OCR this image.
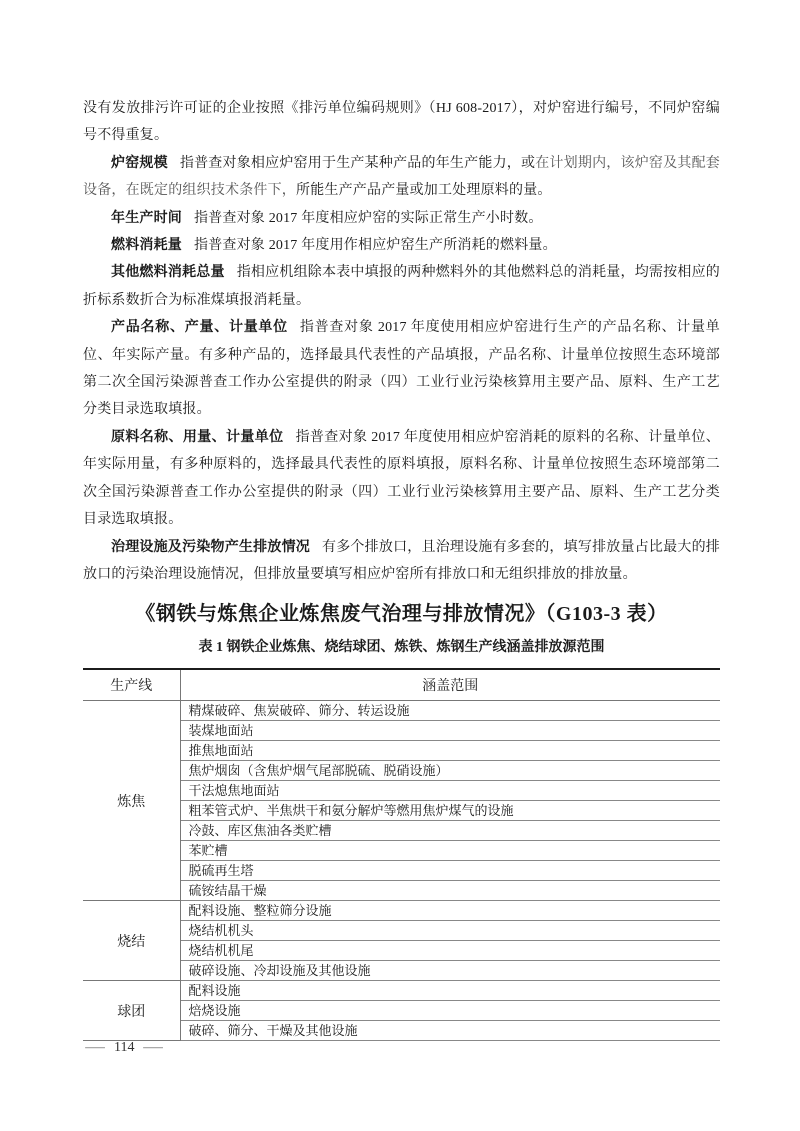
没有发放排污许可证的企业按照《排污单位编码规则》（HJ 608-2017），对炉窑进行编号，不同炉窑编号不得重复。

炉窑规模 指普查对象相应炉窑用于生产某种产品的年生产能力，或在计划期内，该炉窑及其配套设备，在既定的组织技术条件下，所能生产产品产量或加工处理原料的量。

年生产时间 指普查对象 2017 年度相应炉窑的实际正常生产小时数。

燃料消耗量 指普查对象 2017 年度用作相应炉窑生产所消耗的燃料量。

其他燃料消耗总量 指相应机组除本表中填报的两种燃料外的其他燃料总的消耗量，均需按相应的折标系数折合为标准煤填报消耗量。

产品名称、产量、计量单位 指普查对象 2017 年度使用相应炉窑进行生产的产品名称、计量单位、年实际产量。有多种产品的，选择最具代表性的产品填报，产品名称、计量单位按照生态环境部第二次全国污染源普查工作办公室提供的附录（四）工业行业污染核算用主要产品、原料、生产工艺分类目录选取填报。

原料名称、用量、计量单位 指普查对象 2017 年度使用相应炉窑消耗的原料的名称、计量单位、年实际用量，有多种原料的，选择最具代表性的原料填报，原料名称、计量单位按照生态环境部第二次全国污染源普查工作办公室提供的附录（四）工业行业污染核算用主要产品、原料、生产工艺分类目录选取填报。

治理设施及污染物产生排放情况 有多个排放口，且治理设施有多套的，填写排放量占比最大的排放口的污染治理设施情况，但排放量要填写相应炉窑所有排放口和无组织排放的排放量。

《钢铁与炼焦企业炼焦废气治理与排放情况》（G103-3 表）
表 1 钢铁企业炼焦、烧结球团、炼铁、炼钢生产线涵盖排放源范围
生产线	涵盖范围
炼焦	精煤破碎、焦炭破碎、筛分、转运设施
	装煤地面站
	推焦地面站
	焦炉烟囱（含焦炉烟气尾部脱硫、脱硝设施）
	干法熄焦地面站
	粗苯管式炉、半焦烘干和氨分解炉等燃用焦炉煤气的设施
	冷鼓、库区焦油各类贮槽
	苯贮槽
	脱硫再生塔
	硫铵结晶干燥
烧结	配料设施、整粒筛分设施
	烧结机机头
	烧结机机尾
	破碎设施、冷却设施及其他设施
球团	配料设施
	焙烧设施
	破碎、筛分、干燥及其他设施
— 114 —
